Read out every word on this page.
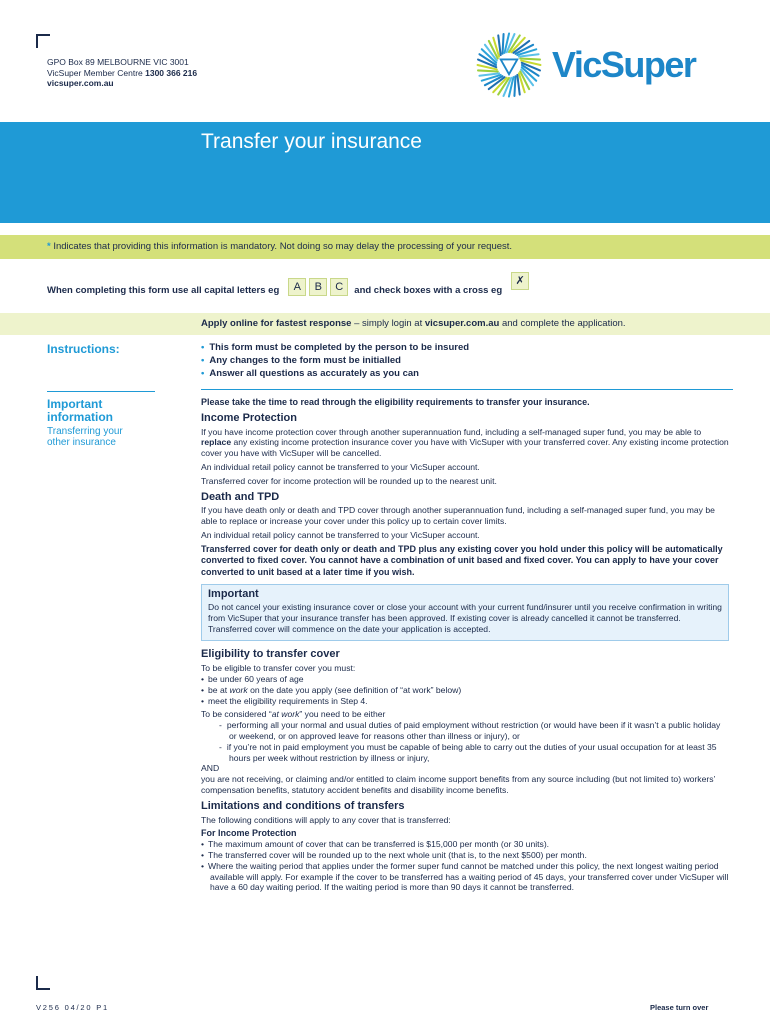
GPO Box 89 MELBOURNE VIC 3001
VicSuper Member Centre 1300 366 216
vicsuper.com.au	VicSuper
Transfer your insurance
* Indicates that providing this information is mandatory. Not doing so may delay the processing of your request.
When completing this form use all capital letters eg	A	B	C	and check boxes with a cross eg
✗
Apply online for fastest response – simply login at vicsuper.com.au and complete the application.
Instructions:	• This form must be completed by the person to be insured
• Any changes to the form must be initialled
• Answer all questions as accurately as you can
Important
information
Transferring your
other insurance

Please take the time to read through the eligibility requirements to transfer your insurance.

Income Protection

If you have income protection cover through another superannuation fund, including a self-managed super fund, you may be able to replace any existing income protection insurance cover you have with VicSuper with your transferred cover. Any existing income protection cover you have with VicSuper will be cancelled.

An individual retail policy cannot be transferred to your VicSuper account.

Transferred cover for income protection will be rounded up to the nearest unit.

Death and TPD

If you have death only or death and TPD cover through another superannuation fund, including a self-managed super fund, you may be able to replace or increase your cover under this policy up to certain cover limits.

An individual retail policy cannot be transferred to your VicSuper account.

Transferred cover for death only or death and TPD plus any existing cover you hold under this policy will be automatically converted to fixed cover. You cannot have a combination of unit based and fixed cover. You can apply to have your cover converted to unit based at a later time if you wish.

Important

Do not cancel your existing insurance cover or close your account with your current fund/insurer until you receive confirmation in writing from VicSuper that your insurance transfer has been approved. If existing cover is already cancelled it cannot be transferred. Transferred cover will commence on the date your application is accepted.

Eligibility to transfer cover

To be eligible to transfer cover you must:

• be under 60 years of age
• be at work on the date you apply (see definition of “at work” below)
• meet the eligibility requirements in Step 4.

To be considered “at work” you need to be either

- performing all your normal and usual duties of paid employment without restriction (or would have been if it wasn’t a public holiday or weekend, or on approved leave for reasons other than illness or injury), or
- if you’re not in paid employment you must be capable of being able to carry out the duties of your usual occupation for at least 35 hours per week without restriction by illness or injury,

AND

you are not receiving, or claiming and/or entitled to claim income support benefits from any source including (but not limited to) workers’ compensation benefits, statutory accident benefits and disability income benefits.

Limitations and conditions of transfers

The following conditions will apply to any cover that is transferred:

For Income Protection

• The maximum amount of cover that can be transferred is $15,000 per month (or 30 units).
• The transferred cover will be rounded up to the next whole unit (that is, to the next $500) per month.
• Where the waiting period that applies under the former super fund cannot be matched under this policy, the next longest waiting period available will apply. For example if the cover to be transferred has a waiting period of 45 days, your transferred cover under VicSuper will have a 60 day waiting period. If the waiting period is more than 90 days it cannot be transferred.
V256 04/20 P1	Please turn over
